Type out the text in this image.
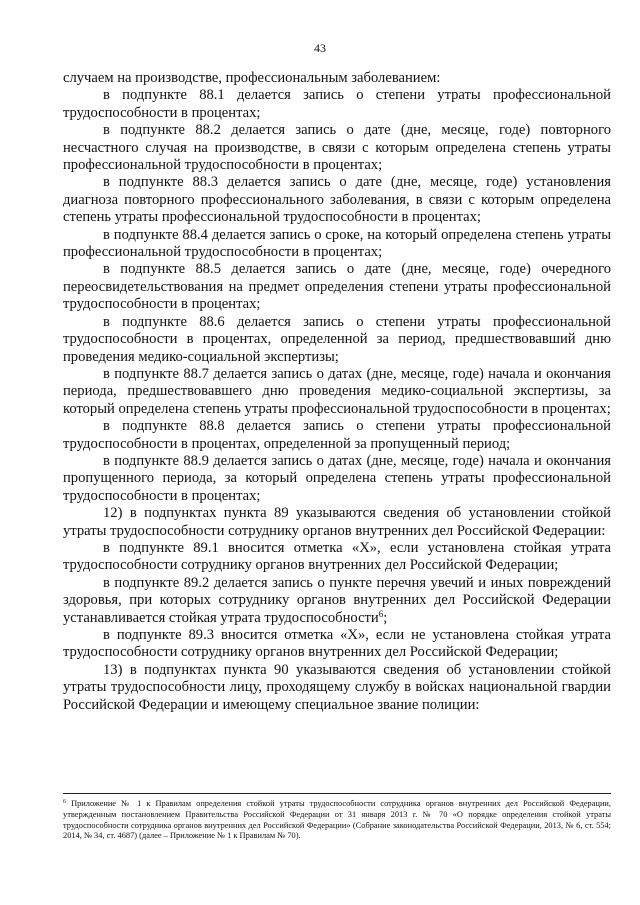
43

случаем на производстве, профессиональным заболеванием:

в подпункте 88.1 делается запись о степени утраты профессиональной трудоспособности в процентах;

в подпункте 88.2 делается запись о дате (дне, месяце, годе) повторного несчастного случая на производстве, в связи с которым определена степень утраты профессиональной трудоспособности в процентах;

в подпункте 88.3 делается запись о дате (дне, месяце, годе) установления диагноза повторного профессионального заболевания, в связи с которым определена степень утраты профессиональной трудоспособности в процентах;

в подпункте 88.4 делается запись о сроке, на который определена степень утраты профессиональной трудоспособности в процентах;

в подпункте 88.5 делается запись о дате (дне, месяце, годе) очередного переосвидетельствования на предмет определения степени утраты профессиональной трудоспособности в процентах;

в подпункте 88.6 делается запись о степени утраты профессиональной трудоспособности в процентах, определенной за период, предшествовавший дню проведения медико-социальной экспертизы;

в подпункте 88.7 делается запись о датах (дне, месяце, годе) начала и окончания периода, предшествовавшего дню проведения медико-социальной экспертизы, за который определена степень утраты профессиональной трудоспособности в процентах;

в подпункте 88.8 делается запись о степени утраты профессиональной трудоспособности в процентах, определенной за пропущенный период;

в подпункте 88.9 делается запись о датах (дне, месяце, годе) начала и окончания пропущенного периода, за который определена степень утраты профессиональной трудоспособности в процентах;

12) в подпунктах пункта 89 указываются сведения об установлении стойкой утраты трудоспособности сотруднику органов внутренних дел Российской Федерации:

в подпункте 89.1 вносится отметка «Х», если установлена стойкая утрата трудоспособности сотруднику органов внутренних дел Российской Федерации;

в подпункте 89.2 делается запись о пункте перечня увечий и иных повреждений здоровья, при которых сотруднику органов внутренних дел Российской Федерации устанавливается стойкая утрата трудоспособности$^6$;

в подпункте 89.3 вносится отметка «Х», если не установлена стойкая утрата трудоспособности сотруднику органов внутренних дел Российской Федерации;

13) в подпунктах пункта 90 указываются сведения об установлении стойкой утраты трудоспособности лицу, проходящему службу в войсках национальной гвардии Российской Федерации и имеющему специальное звание полиции:

$^6$ Приложение № 1 к Правилам определения стойкой утраты трудоспособности сотрудника органов внутренних дел Российской Федерации, утвержденным постановлением Правительства Российской Федерации от 31 января 2013 г. № 70 «О порядке определения стойкой утраты трудоспособности сотрудника органов внутренних дел Российской Федерации» (Собрание законодательства Российской Федерации, 2013, № 6, ст. 554; 2014, № 34, ст. 4687) (далее – Приложение № 1 к Правилам № 70).
